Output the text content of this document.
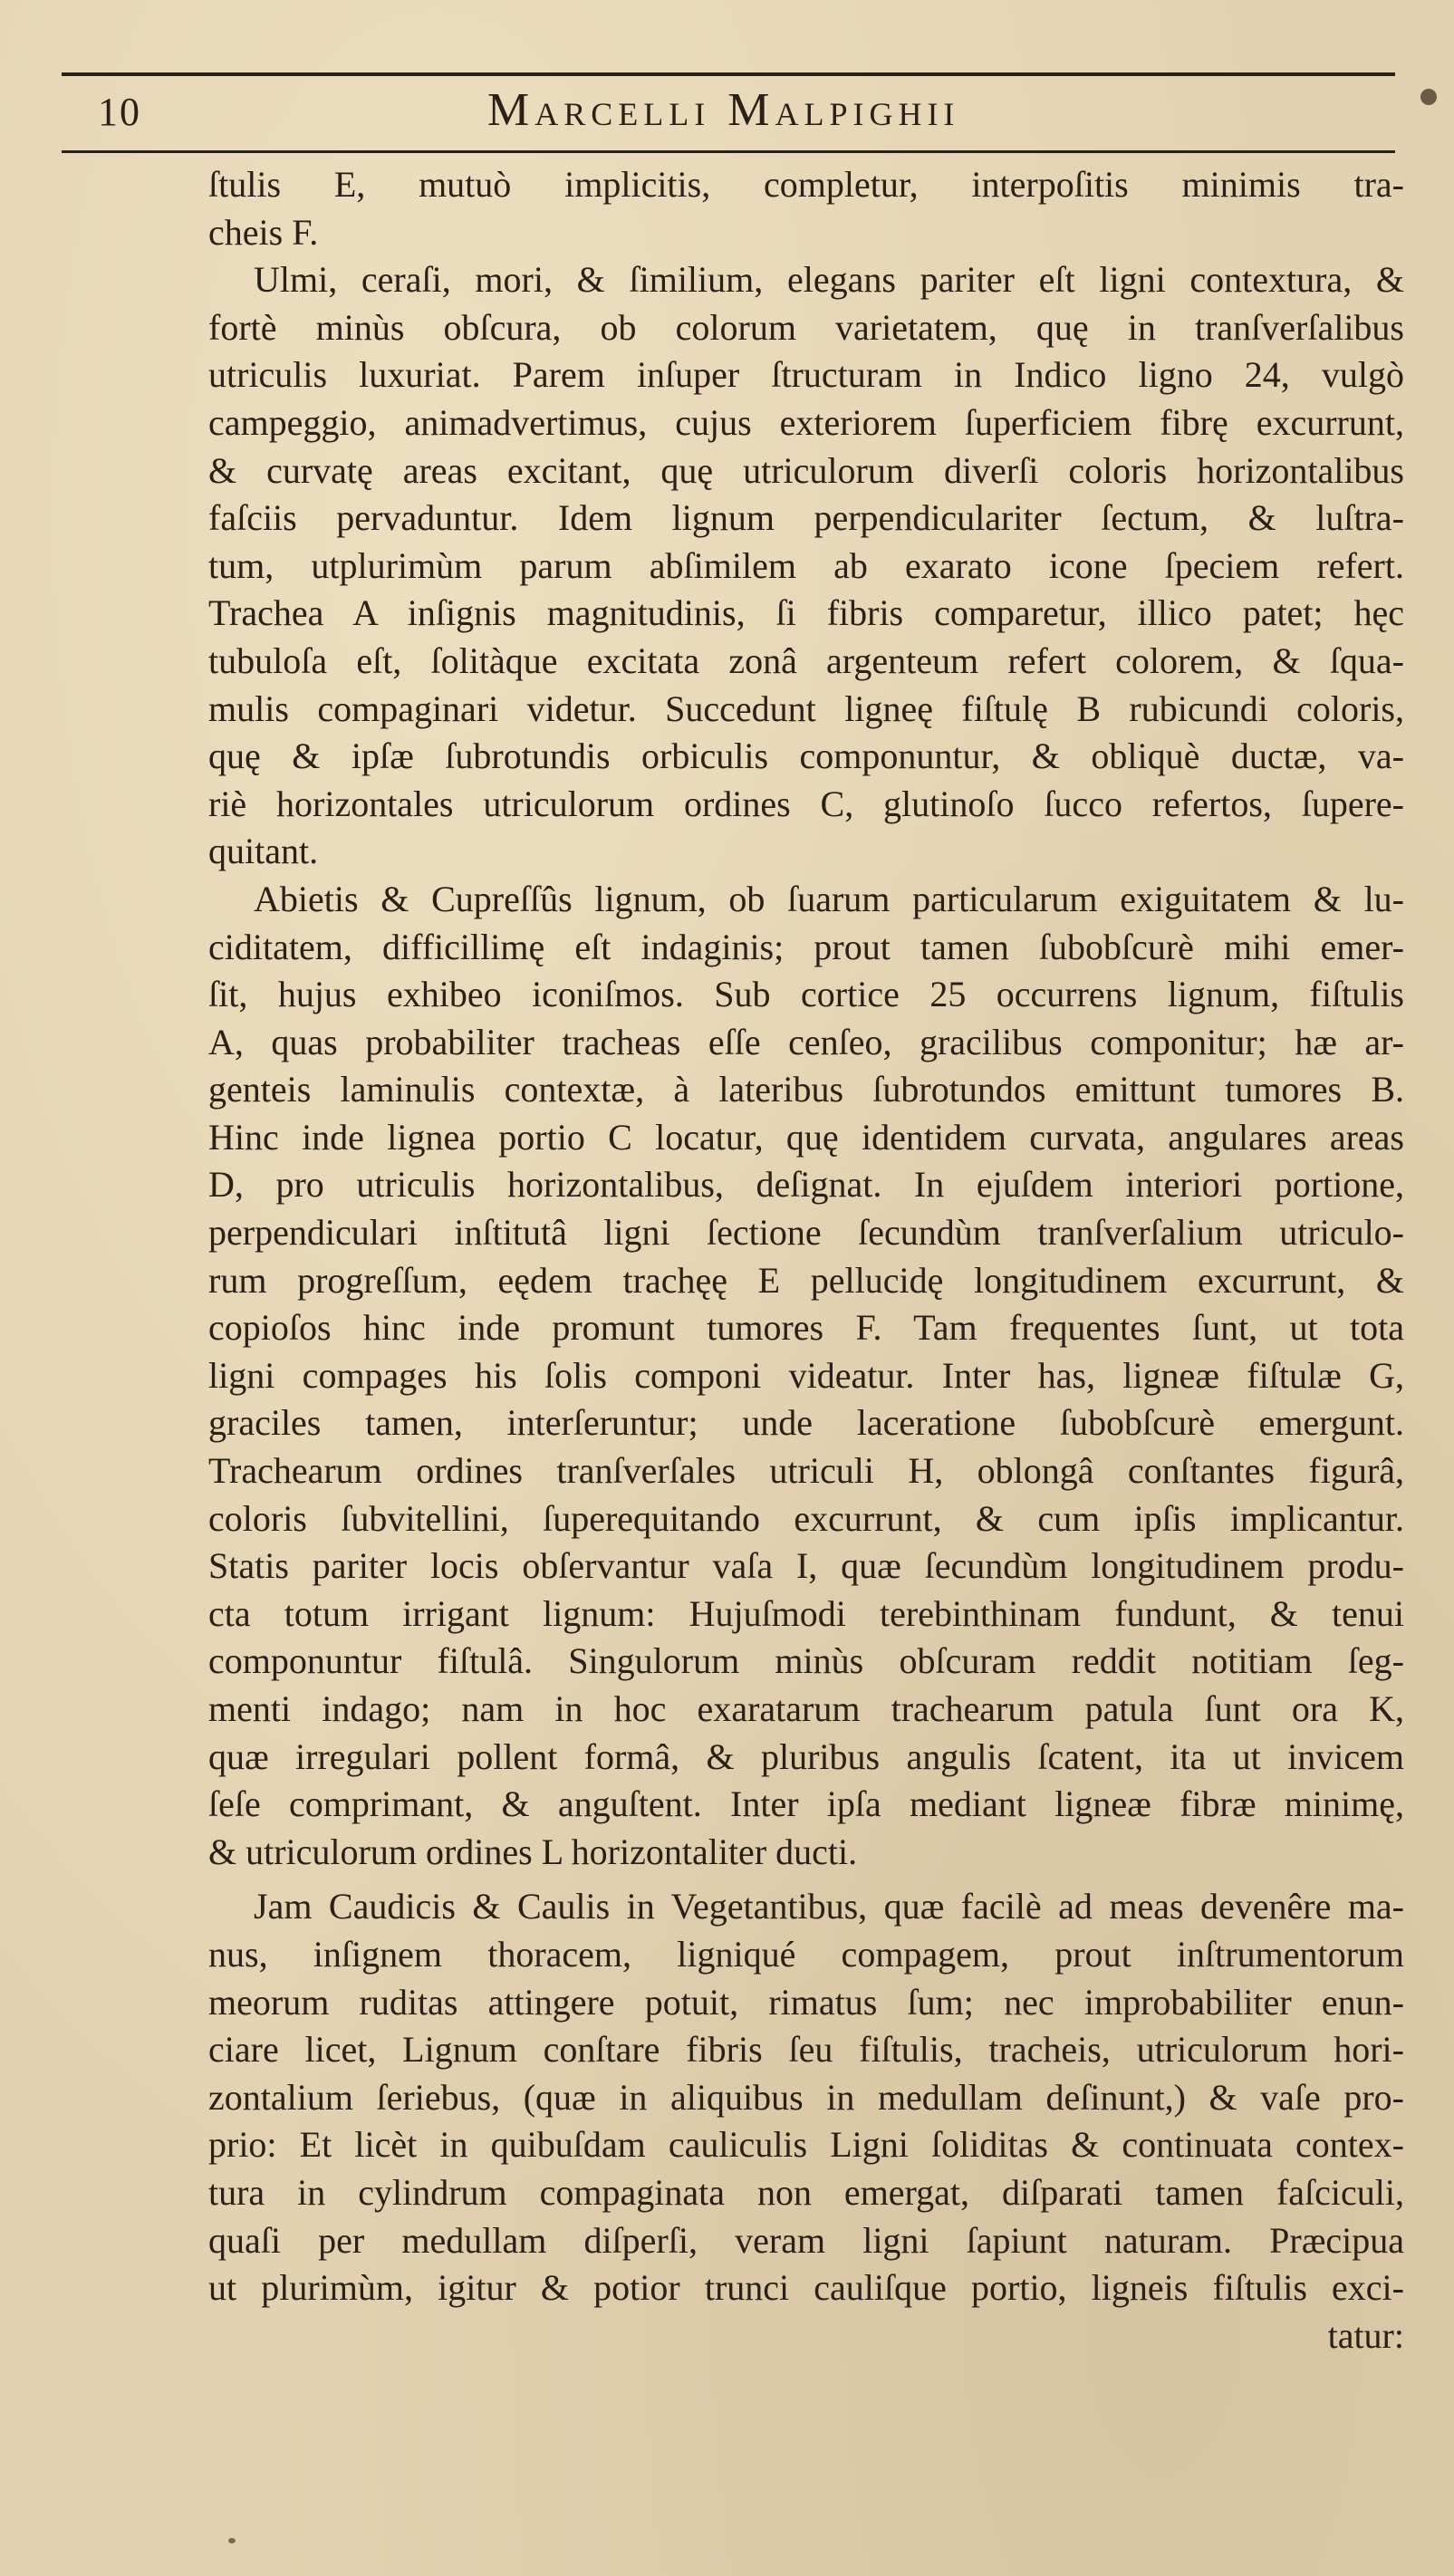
10	Marcelli Malpighii
ſtulis E, mutuò implicitis, completur, interpoſitis minimis tra-
cheis F.
Ulmi, ceraſi, mori, & ſimilium, elegans pariter eſt ligni contextura, &
fortè minùs obſcura, ob colorum varietatem, quę in tranſverſalibus
utriculis luxuriat. Parem inſuper ſtructuram in Indico ligno 24, vulgò
campeggio, animadvertimus, cujus exteriorem ſuperficiem fibrę excurrunt,
& curvatę areas excitant, quę utriculorum diverſi coloris horizontalibus
faſciis pervaduntur. Idem lignum perpendiculariter ſectum, & luſtra-
tum, utplurimùm parum abſimilem ab exarato icone ſpeciem refert.
Trachea A inſignis magnitudinis, ſi fibris comparetur, illico patet; hęc
tubuloſa eſt, ſolitàque excitata zonâ argenteum refert colorem, & ſqua-
mulis compaginari videtur. Succedunt ligneę fiſtulę B rubicundi coloris,
quę & ipſæ ſubrotundis orbiculis componuntur, & obliquè ductæ, va-
riè horizontales utriculorum ordines C, glutinoſo ſucco refertos, ſupere-
quitant.
Abietis & Cupreſſûs lignum, ob ſuarum particularum exiguitatem & lu-
ciditatem, difficillimę eſt indaginis; prout tamen ſubobſcurè mihi emer-
ſit, hujus exhibeo iconiſmos. Sub cortice 25 occurrens lignum, fiſtulis
A, quas probabiliter tracheas eſſe cenſeo, gracilibus componitur; hæ ar-
genteis laminulis contextæ, à lateribus ſubrotundos emittunt tumores B.
Hinc inde lignea portio C locatur, quę identidem curvata, angulares areas
D, pro utriculis horizontalibus, deſignat. In ejuſdem interiori portione,
perpendiculari inſtitutâ ligni ſectione ſecundùm tranſverſalium utriculo-
rum progreſſum, eędem trachęę E pellucidę longitudinem excurrunt, &
copioſos hinc inde promunt tumores F. Tam frequentes ſunt, ut tota
ligni compages his ſolis componi videatur. Inter has, ligneæ fiſtulæ G,
graciles tamen, interſeruntur; unde laceratione ſubobſcurè emergunt.
Trachearum ordines tranſverſales utriculi H, oblongâ conſtantes figurâ,
coloris ſubvitellini, ſuperequitando excurrunt, & cum ipſis implicantur.
Statis pariter locis obſervantur vaſa I, quæ ſecundùm longitudinem produ-
cta totum irrigant lignum: Hujuſmodi terebinthinam fundunt, & tenui
componuntur fiſtulâ. Singulorum minùs obſcuram reddit notitiam ſeg-
menti indago; nam in hoc exaratarum trachearum patula ſunt ora K,
quæ irregulari pollent formâ, & pluribus angulis ſcatent, ita ut invicem
ſeſe comprimant, & anguſtent. Inter ipſa mediant ligneæ fibræ minimę,
& utriculorum ordines L horizontaliter ducti.
Jam Caudicis & Caulis in Vegetantibus, quæ facilè ad meas devenêre ma-
nus, inſignem thoracem, ligniqué compagem, prout inſtrumentorum
meorum ruditas attingere potuit, rimatus ſum; nec improbabiliter enun-
ciare licet, Lignum conſtare fibris ſeu fiſtulis, tracheis, utriculorum hori-
zontalium ſeriebus, (quæ in aliquibus in medullam deſinunt,) & vaſe pro-
prio: Et licèt in quibuſdam cauliculis Ligni ſoliditas & continuata contex-
tura in cylindrum compaginata non emergat, diſparati tamen faſciculi,
quaſi per medullam diſperſi, veram ligni ſapiunt naturam. Præcipua
ut plurimùm, igitur & potior trunci cauliſque portio, ligneis fiſtulis exci-
tatur:
